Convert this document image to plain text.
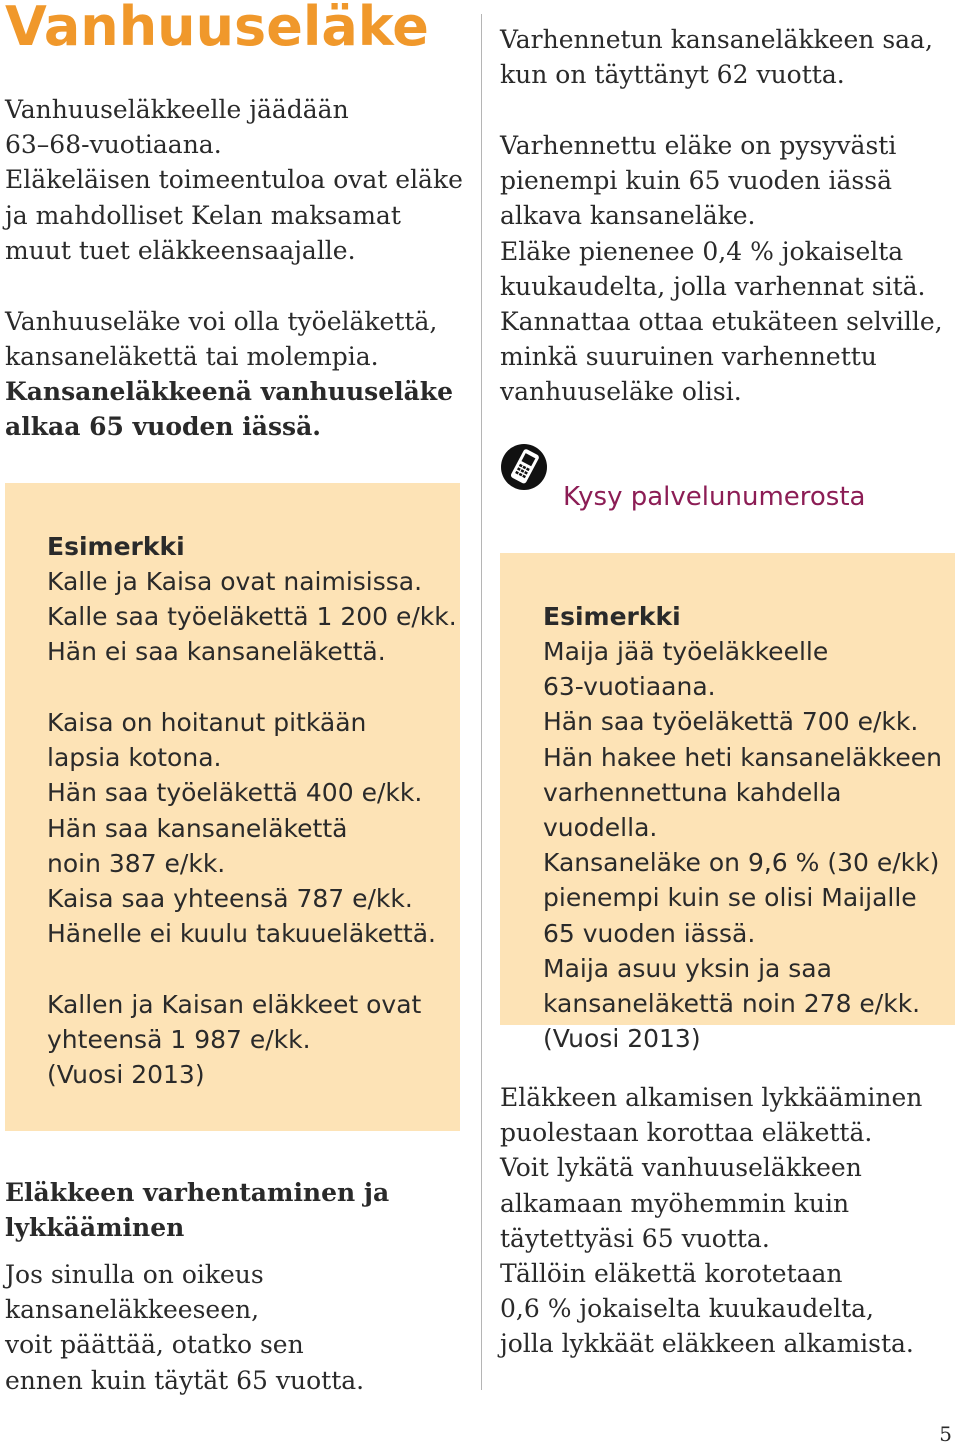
Vanhuuseläke

Vanhuuseläkkeelle jäädään
63–68-vuotiaana.
Eläkeläisen toimeentuloa ovat eläke
ja mahdolliset Kelan maksamat
muut tuet eläkkeensaajalle.

Vanhuuseläke voi olla työeläkettä,
kansaneläkettä tai molempia.

Kansaneläkkeenä vanhuuseläke
alkaa 65 vuoden iässä.

Esimerkki

Kalle ja Kaisa ovat naimisissa.
Kalle saa työeläkettä 1 200 e/kk.
Hän ei saa kansaneläkettä.

Kaisa on hoitanut pitkään
lapsia kotona.
Hän saa työeläkettä 400 e/kk.
Hän saa kansaneläkettä
noin 387 e/kk.
Kaisa saa yhteensä 787 e/kk.
Hänelle ei kuulu takuueläkettä.

Kallen ja Kaisan eläkkeet ovat
yhteensä 1 987 e/kk.
(Vuosi 2013)

Eläkkeen varhentaminen ja
lykkääminen

Jos sinulla on oikeus
kansaneläkkeeseen,
voit päättää, otatko sen
ennen kuin täytät 65 vuotta.

Varhennetun kansaneläkkeen saa,
kun on täyttänyt 62 vuotta.

Varhennettu eläke on pysyvästi
pienempi kuin 65 vuoden iässä
alkava kansaneläke.
Eläke pienenee 0,4 % jokaiselta
kuukaudelta, jolla varhennat sitä.
Kannattaa ottaa etukäteen selville,
minkä suuruinen varhennettu
vanhuuseläke olisi.

Kysy palvelunumerosta

Esimerkki

Maija jää työeläkkeelle
63-vuotiaana.
Hän saa työeläkettä 700 e/kk.
Hän hakee heti kansaneläkkeen
varhennettuna kahdella vuodella.
Kansaneläke on 9,6 % (30 e/kk)
pienempi kuin se olisi Maijalle
65 vuoden iässä.
Maija asuu yksin ja saa
kansaneläkettä noin 278 e/kk.
(Vuosi 2013)

Eläkkeen alkamisen lykkääminen
puolestaan korottaa eläkettä.
Voit lykätä vanhuuseläkkeen
alkamaan myöhemmin kuin
täytettyäsi 65 vuotta.
Tällöin eläkettä korotetaan
0,6 % jokaiselta kuukaudelta,
jolla lykkäät eläkkeen alkamista.

5
